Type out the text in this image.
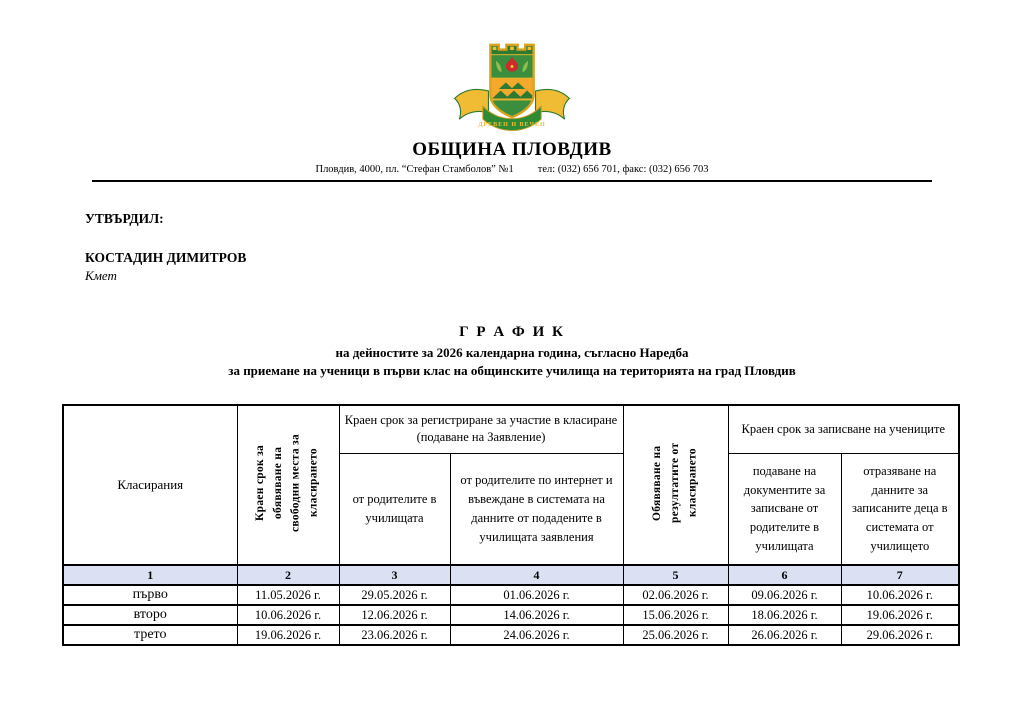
ДРЕВЕН И ВЕЧЕН
ОБЩИНА ПЛОВДИВ
Пловдив, 4000, пл. “Стефан Стамболов” №1 тел: (032) 656 701, факс: (032) 656 703
УТВЪРДИЛ:
КОСТАДИН ДИМИТРОВ
Кмет
Г Р А Ф И К
на дейностите за 2026 календарна година, съгласно Наредба
за приемане на ученици в първи клас на общинските училища на територията на град Пловдив
Класирания	Краен срок за обявяване на свободни места за класирането	Краен срок за регистриране за участие в класиране (подаване на Заявление)		Обявяване на резултатите от класирането	Краен срок за записване на учениците	
		от родителите в училищата	от родителите по интернет и въвеждане в системата на данните от подадените в училищата заявления		подаване на документите за записване от родителите в училищата	отразяване на данните за записаните деца в системата от училището
1	2	3	4	5	6	7
първо	11.05.2026 г.	29.05.2026 г.	01.06.2026 г.	02.06.2026 г.	09.06.2026 г.	10.06.2026 г.
второ	10.06.2026 г.	12.06.2026 г.	14.06.2026 г.	15.06.2026 г.	18.06.2026 г.	19.06.2026 г.
трето	19.06.2026 г.	23.06.2026 г.	24.06.2026 г.	25.06.2026 г.	26.06.2026 г.	29.06.2026 г.
